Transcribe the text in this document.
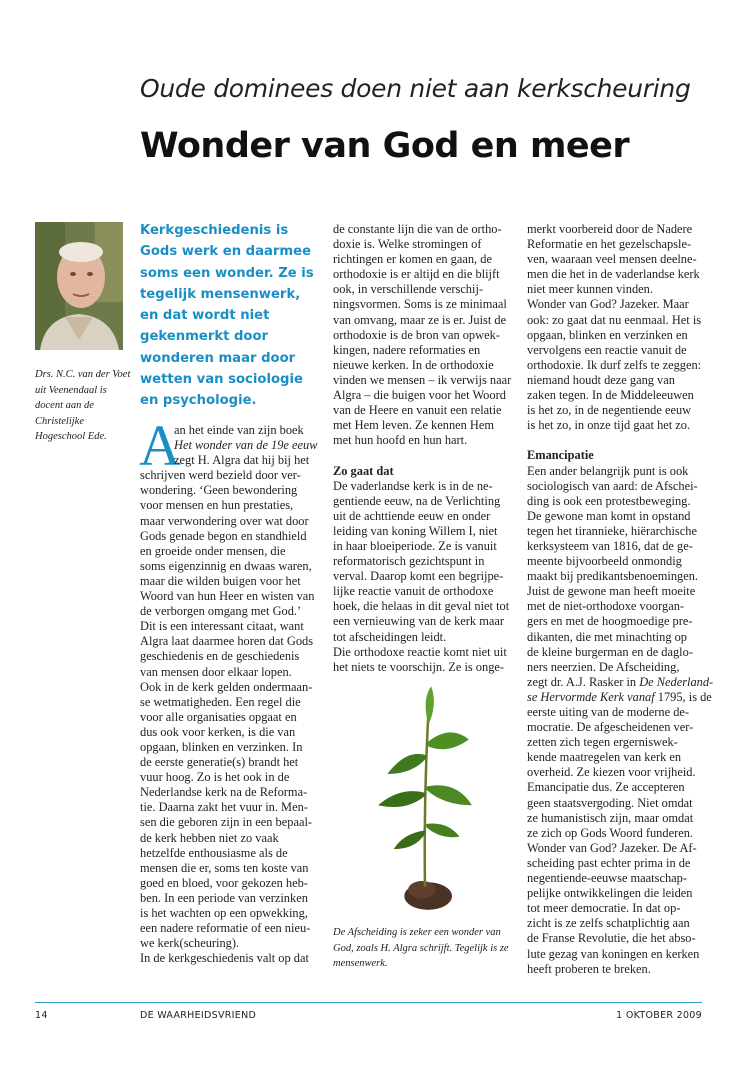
Oude dominees doen niet aan kerkscheuring
Wonder van God en meer
Drs. N.C. van der Voet uit Veenendaal is docent aan de Christelijke Hogeschool Ede.
Kerkgeschiedenis is Gods werk en daarmee soms een wonder. Ze is tegelijk mensenwerk, en dat wordt niet gekenmerkt door wonderen maar door wetten van sociologie en psychologie.
A
an het einde van zijn boek
Het wonder van de 19e eeuw
zegt H. Algra dat hij bij het
schrijven werd bezield door ver-
wondering. ‘Geen bewondering
voor mensen en hun prestaties,
maar verwondering over wat door
Gods genade begon en standhield
en groeide onder mensen, die
soms eigenzinnig en dwaas waren,
maar die wilden buigen voor het
Woord van hun Heer en wisten van
de verborgen omgang met God.’
Dit is een interessant citaat, want
Algra laat daarmee horen dat Gods
geschiedenis en de geschiedenis
van mensen door elkaar lopen.
Ook in de kerk gelden ondermaan-
se wetmatigheden. Een regel die
voor alle organisaties opgaat en
dus ook voor kerken, is die van
opgaan, blinken en verzinken. In
de eerste generatie(s) brandt het
vuur hoog. Zo is het ook in de
Nederlandse kerk na de Reforma-
tie. Daarna zakt het vuur in. Men-
sen die geboren zijn in een bepaal-
de kerk hebben niet zo vaak
hetzelfde enthousiasme als de
mensen die er, soms ten koste van
goed en bloed, voor gekozen heb-
ben. In een periode van verzinken
is het wachten op een opwekking,
een nadere reformatie of een nieu-
we kerk(scheuring).
In de kerkgeschiedenis valt op dat
de constante lijn die van de ortho-
doxie is. Welke stromingen of
richtingen er komen en gaan, de
orthodoxie is er altijd en die blijft
ook, in verschillende verschij-
ningsvormen. Soms is ze minimaal
van omvang, maar ze is er. Juist de
orthodoxie is de bron van opwek-
kingen, nadere reformaties en
nieuwe kerken. In de orthodoxie
vinden we mensen – ik verwijs naar
Algra – die buigen voor het Woord
van de Heere en vanuit een relatie
met Hem leven. Ze kennen Hem
met hun hoofd en hun hart.
Zo gaat dat
De vaderlandse kerk is in de ne-
gentiende eeuw, na de Verlichting
uit de achttiende eeuw en onder
leiding van koning Willem I, niet
in haar bloeiperiode. Ze is vanuit
reformatorisch gezichtspunt in
verval. Daarop komt een begrijpe-
lijke reactie vanuit de orthodoxe
hoek, die helaas in dit geval niet tot
een vernieuwing van de kerk maar
tot afscheidingen leidt.
Die orthodoxe reactie komt niet uit
het niets te voorschijn. Ze is onge-
merkt voorbereid door de Nadere
Reformatie en het gezelschapsle-
ven, waaraan veel mensen deelne-
men die het in de vaderlandse kerk
niet meer kunnen vinden.
Wonder van God? Jazeker. Maar
ook: zo gaat dat nu eenmaal. Het is
opgaan, blinken en verzinken en
vervolgens een reactie vanuit de
orthodoxie. Ik durf zelfs te zeggen:
niemand houdt deze gang van
zaken tegen. In de Middeleeuwen
is het zo, in de negentiende eeuw
is het zo, in onze tijd gaat het zo.
Emancipatie
Een ander belangrijk punt is ook
sociologisch van aard: de Afschei-
ding is ook een protestbeweging.
De gewone man komt in opstand
tegen het tirannieke, hiërarchische
kerksysteem van 1816, dat de ge-
meente bijvoorbeeld onmondig
maakt bij predikantsbenoemingen.
Juist de gewone man heeft moeite
met de niet-orthodoxe voorgan-
gers en met de hoogmoedige pre-
dikanten, die met minachting op
de kleine burgerman en de daglo-
ners neerzien. De Afscheiding,
zegt dr. A.J. Rasker in De Nederland-
se Hervormde Kerk vanaf 1795, is de
eerste uiting van de moderne de-
mocratie. De afgescheidenen ver-
zetten zich tegen ergerniswek-
kende maatregelen van kerk en
overheid. Ze kiezen voor vrijheid.
Emancipatie dus. Ze accepteren
geen staatsvergoding. Niet omdat
ze humanistisch zijn, maar omdat
ze zich op Gods Woord funderen.
Wonder van God? Jazeker. De Af-
scheiding past echter prima in de
negentiende-eeuwse maatschap-
pelijke ontwikkelingen die leiden
tot meer democratie. In dat op-
zicht is ze zelfs schatplichtig aan
de Franse Revolutie, die het abso-
lute gezag van koningen en kerken
heeft proberen te breken.
De Afscheiding is zeker een wonder van God, zoals H. Algra schrijft. Tegelijk is ze mensenwerk.
14	DE WAARHEIDSVRIEND	1 OKTOBER 2009
